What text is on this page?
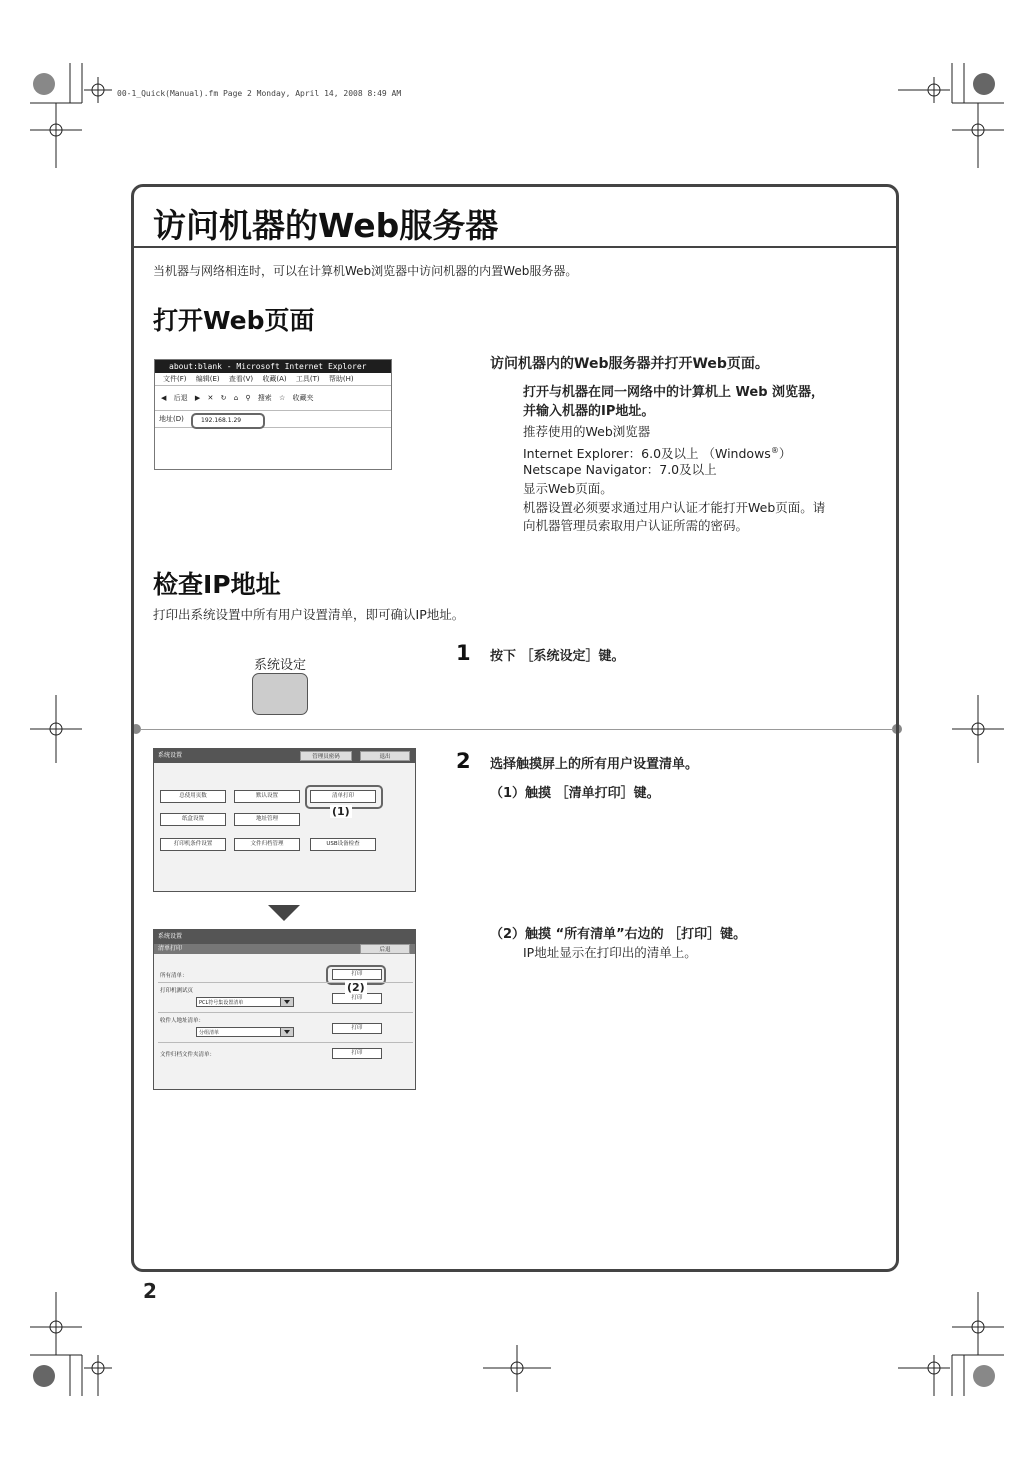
00-1_Quick(Manual).fm Page 2 Monday, April 14, 2008 8:49 AM
访问机器的Web服务器
当机器与网络相连时，可以在计算机Web浏览器中访问机器的内置Web服务器。
打开Web页面
about:blank - Microsoft Internet Explorer
文件(F) 编辑(E) 查看(V) 收藏(A) 工具(T) 帮助(H)
◀ 后退 ▶ ✕ ↻ ⌂ ⚲ 搜索 ☆ 收藏夹
地址(D)	192.168.1.29
访问机器内的Web服务器并打开Web页面。
打开与机器在同一网络中的计算机上 Web 浏览器，
并输入机器的IP地址。
推荐使用的Web浏览器
Internet Explorer：6.0及以上 （Windows®）
Netscape Navigator：7.0及以上
显示Web页面。
机器设置必须要求通过用户认证才能打开Web页面。请
向机器管理员索取用户认证所需的密码。
检查IP地址
打印出系统设置中所有用户设置清单，即可确认IP地址。
系统设定
1 按下 ［系统设定］键。
2 选择触摸屏上的所有用户设置清单。
（1）触摸 ［清单打印］键。
（2）触摸 “所有清单”右边的 ［打印］键。
IP地址显示在打印出的清单上。
系统设置	管理员密码	退出
总使用页数	默认设置	清单打印
纸盒设置	地址管理
打印机条件设置	文件归档管理	USB设备检查
(1)
系统设置
清单打印	后退
所有清单：	打印
打印机测试页
PCL符号集设置清单
打印
(2)
收件人地址清单：
分组清单
打印
文件归档文件夹清单：	打印
2
